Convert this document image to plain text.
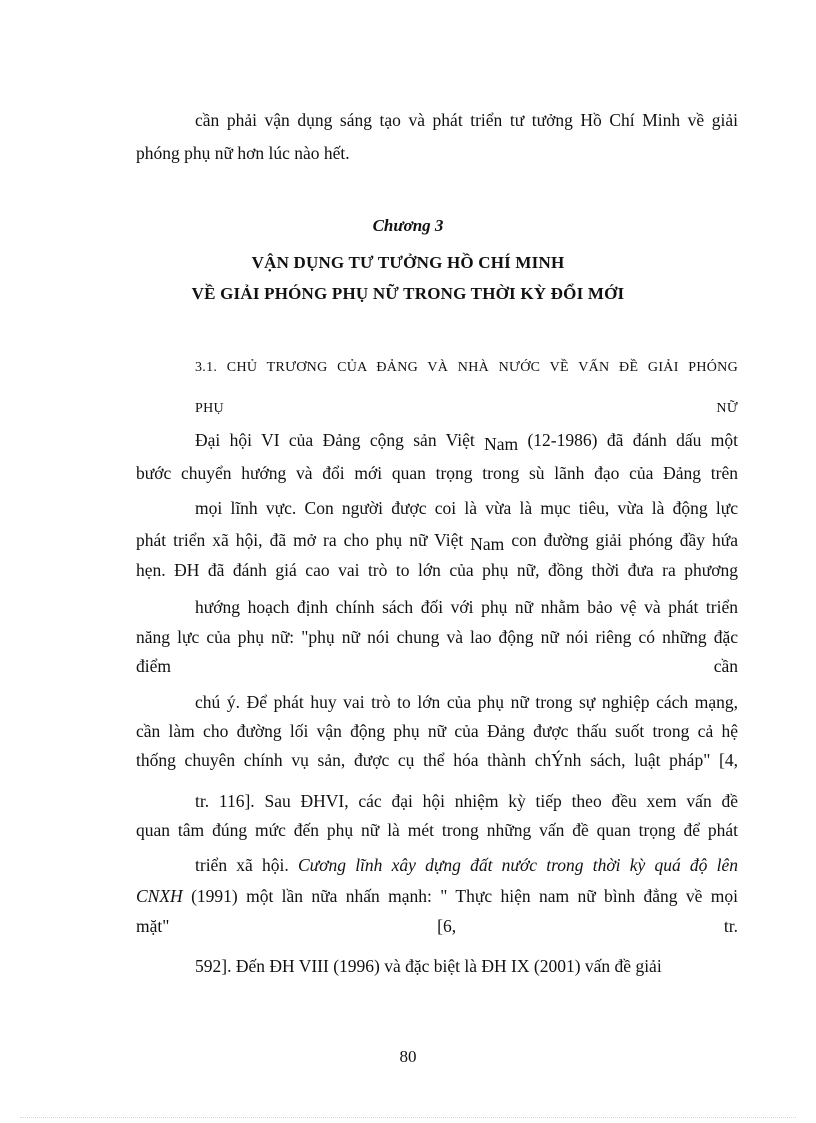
cần phải vận dụng sáng tạo và phát triển tư tưởng Hồ Chí Minh về giải
phóng phụ nữ hơn lúc nào hết.
Chương 3
VẬN DỤNG TƯ TƯỞNG HỒ CHÍ MINH
VỀ GIẢI PHÓNG PHỤ NỮ TRONG THỜI KỲ ĐỔI MỚI
3.1. CHỦ TRƯƠNG CỦA ĐẢNG VÀ NHÀ NƯỚC VỀ VẤN ĐỀ GIẢI PHÓNG
PHỤ	NỮ
Đại hội VI của Đảng cộng sản Việt Nam (12-1986) đã đánh dấu một
bước chuyển hướng và đổi mới quan trọng trong sù lãnh đạo của Đảng trên
mọi lĩnh vực. Con người được coi là vừa là mục tiêu, vừa là động lực
phát triển xã hội, đã mở ra cho phụ nữ Việt Nam con đường giải phóng đầy hứa
hẹn. ĐH đã đánh giá cao vai trò to lớn của phụ nữ, đồng thời đưa ra phương
hướng hoạch định chính sách đối với phụ nữ nhằm bảo vệ và phát triển
năng lực của phụ nữ: "phụ nữ nói chung và lao động nữ nói riêng có những đặc
điểm	cần
chú ý. Để phát huy vai trò to lớn của phụ nữ trong sự nghiệp cách mạng,
cần làm cho đường lối vận động phụ nữ của Đảng được thấu suốt trong cả hệ
thống chuyên chính vụ sản, được cụ thể hóa thành chÝnh sách, luật pháp" [4,
tr. 116]. Sau ĐHVI, các đại hội nhiệm kỳ tiếp theo đều xem vấn đề
quan tâm đúng mức đến phụ nữ là mét trong những vấn đề quan trọng để phát
triển xã hội. Cương lĩnh xây dựng đất nước trong thời kỳ quá độ lên
CNXH (1991) một lần nữa nhấn mạnh: " Thực hiện nam nữ bình đẳng về mọi
mặt"	[6,	tr.
592]. Đến ĐH VIII (1996) và đặc biệt là ĐH IX (2001) vấn đề giải
80
